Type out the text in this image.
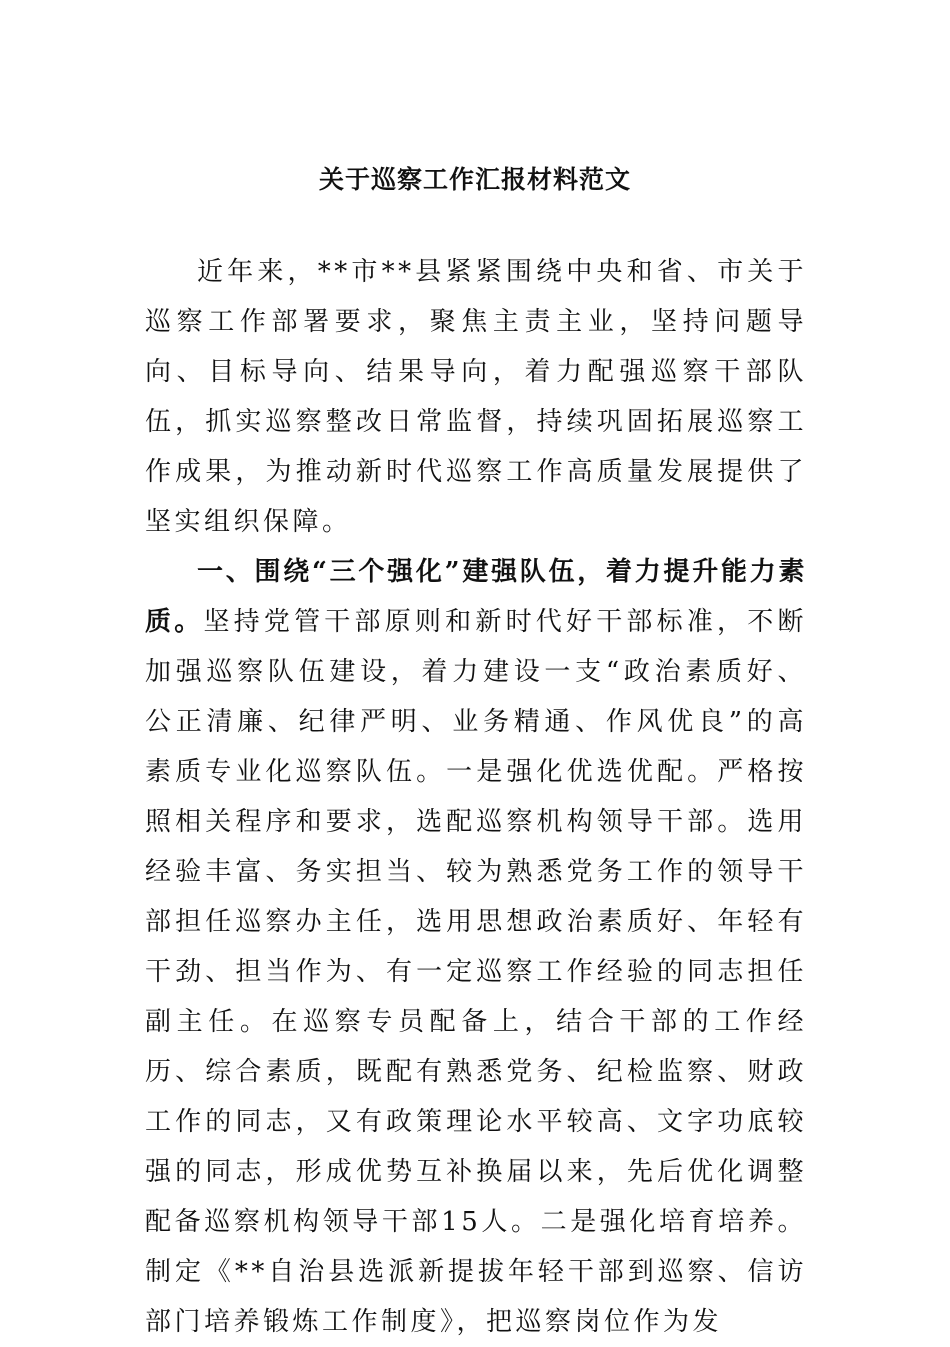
关于巡察工作汇报材料范文

近年来，**市**县紧紧围绕中央和省、市关于巡察工作部署要求，聚焦主责主业，坚持问题导向、目标导向、结果导向，着力配强巡察干部队伍，抓实巡察整改日常监督，持续巩固拓展巡察工作成果，为推动新时代巡察工作高质量发展提供了坚实组织保障。

一、围绕“三个强化”建强队伍，着力提升能力素质。坚持党管干部原则和新时代好干部标准，不断加强巡察队伍建设，着力建设一支“政治素质好、公正清廉、纪律严明、业务精通、作风优良”的高素质专业化巡察队伍。一是强化优选优配。严格按照相关程序和要求，选配巡察机构领导干部。选用经验丰富、务实担当、较为熟悉党务工作的领导干部担任巡察办主任，选用思想政治素质好、年轻有干劲、担当作为、有一定巡察工作经验的同志担任副主任。在巡察专员配备上，结合干部的工作经历、综合素质，既配有熟悉党务、纪检监察、财政工作的同志，又有政策理论水平较高、文字功底较强的同志，形成优势互补换届以来，先后优化调整配备巡察机构领导干部15人。二是强化培育培养。制定《**自治县选派新提拔年轻干部到巡察、信访部门培养锻炼工作制度》，把巡察岗位作为发
